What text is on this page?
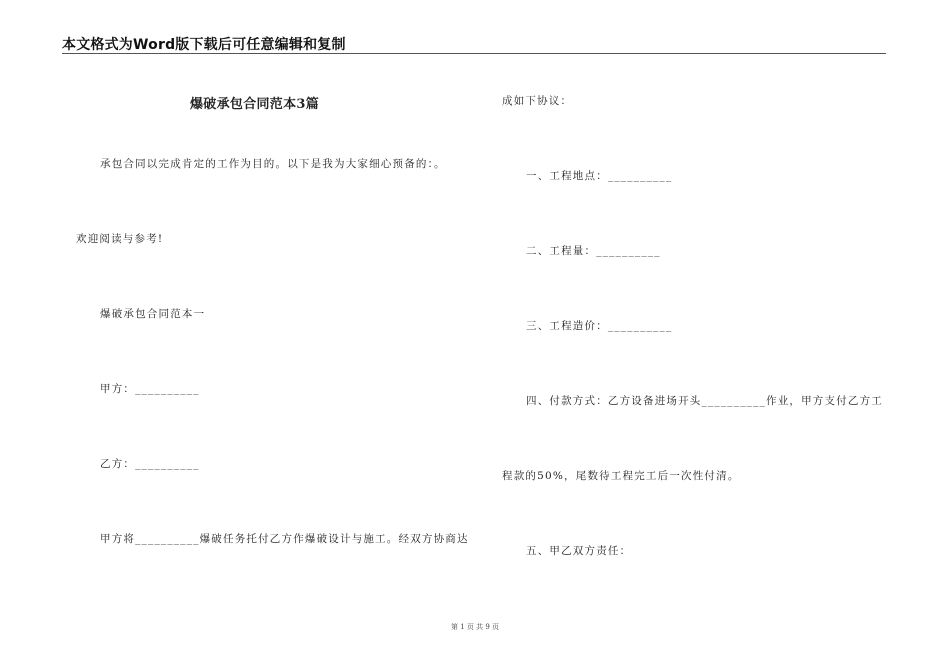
本文格式为Word版下载后可任意编辑和复制
爆破承包合同范本3篇
承包合同以完成肯定的工作为目的。以下是我为大家细心预备的：。
欢迎阅读与参考!
爆破承包合同范本一
甲方：__________
乙方：__________
甲方将__________爆破任务托付乙方作爆破设计与施工。经双方协商达
成如下协议：
一、工程地点：__________
二、工程量：__________
三、工程造价：__________
四、付款方式：乙方设备进场开头__________作业，甲方支付乙方工
程款的50%，尾数待工程完工后一次性付清。
五、甲乙双方责任：
第 1 页 共 9 页
